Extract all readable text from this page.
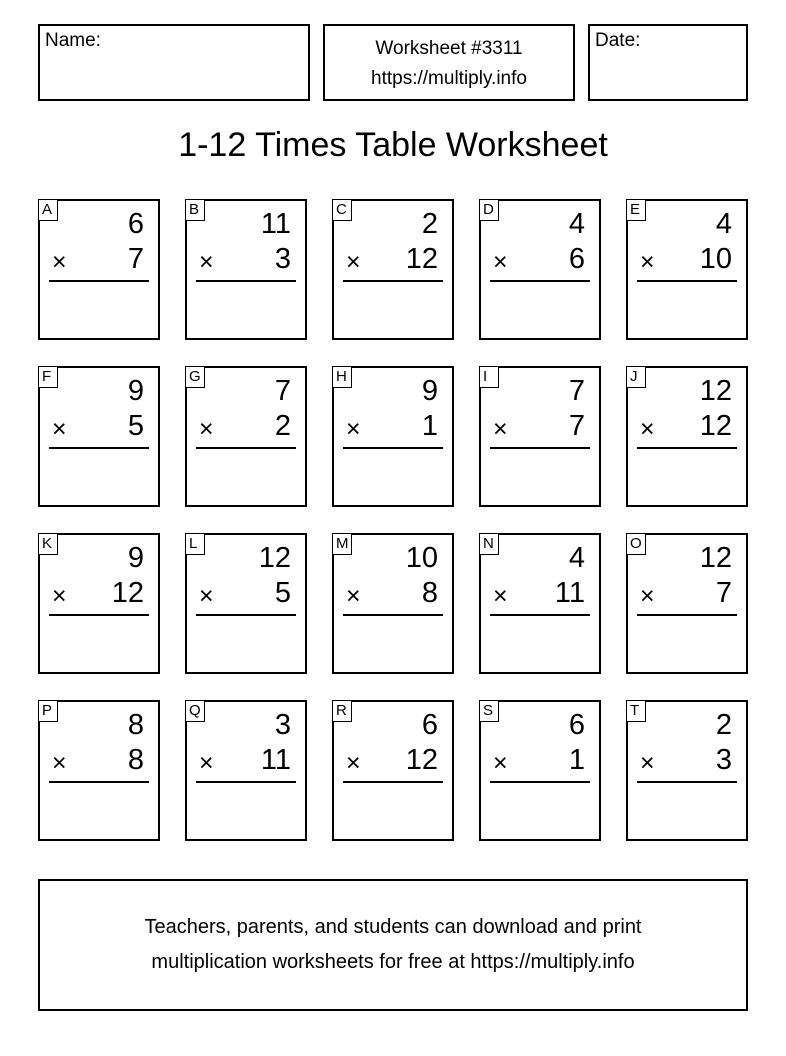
Name:	Worksheet #3311
https://multiply.info
Date:
1-12 Times Table Worksheet
A	6
× 7
B 11
× 3
C	2
× 12
D	4
× 6
E	4
× 10
F	9
× 5
G	7
× 2
H	9
× 1
I	7
× 7
J 12
× 12
K	9
× 12
L 12
× 5
M 10
× 8
N	4
× 11
O 12
× 7
P	8
× 8
Q	3
× 11
R	6
× 12
S	6
× 1
T	2
× 3
Teachers, parents, and students can download and print
multiplication worksheets for free at https://multiply.info
